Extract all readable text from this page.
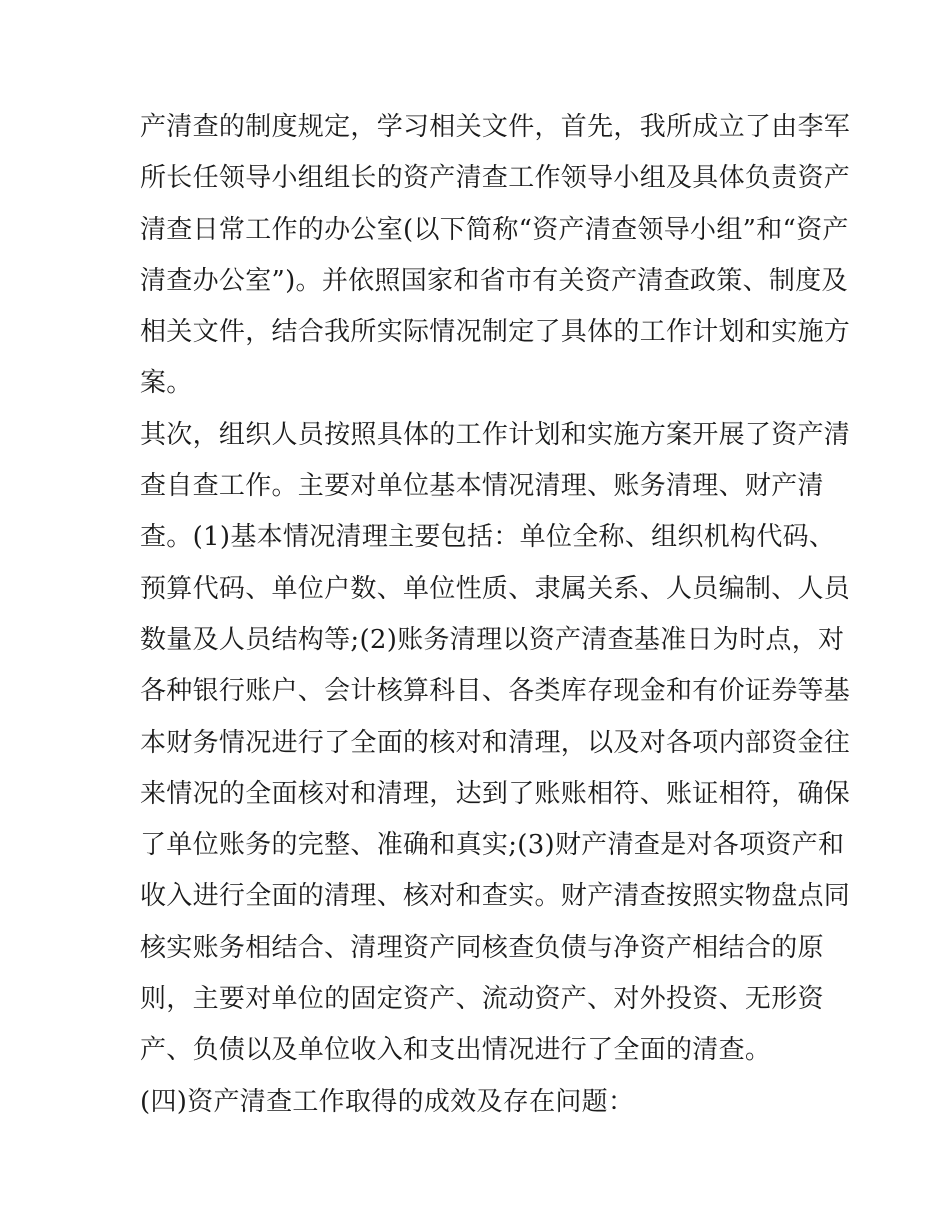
产清查的制度规定，学习相关文件，首先，我所成立了由李军
所长任领导小组组长的资产清查工作领导小组及具体负责资产
清查日常工作的办公室(以下简称“资产清查领导小组”和“资产
清查办公室”)。并依照国家和省市有关资产清查政策、制度及
相关文件，结合我所实际情况制定了具体的工作计划和实施方
案。
其次，组织人员按照具体的工作计划和实施方案开展了资产清
查自查工作。主要对单位基本情况清理、账务清理、财产清
查。(1)基本情况清理主要包括：单位全称、组织机构代码、
预算代码、单位户数、单位性质、隶属关系、人员编制、人员
数量及人员结构等;(2)账务清理以资产清查基准日为时点，对
各种银行账户、会计核算科目、各类库存现金和有价证券等基
本财务情况进行了全面的核对和清理，以及对各项内部资金往
来情况的全面核对和清理，达到了账账相符、账证相符，确保
了单位账务的完整、准确和真实;(3)财产清查是对各项资产和
收入进行全面的清理、核对和查实。财产清查按照实物盘点同
核实账务相结合、清理资产同核查负债与净资产相结合的原
则，主要对单位的固定资产、流动资产、对外投资、无形资
产、负债以及单位收入和支出情况进行了全面的清查。
(四)资产清查工作取得的成效及存在问题：
